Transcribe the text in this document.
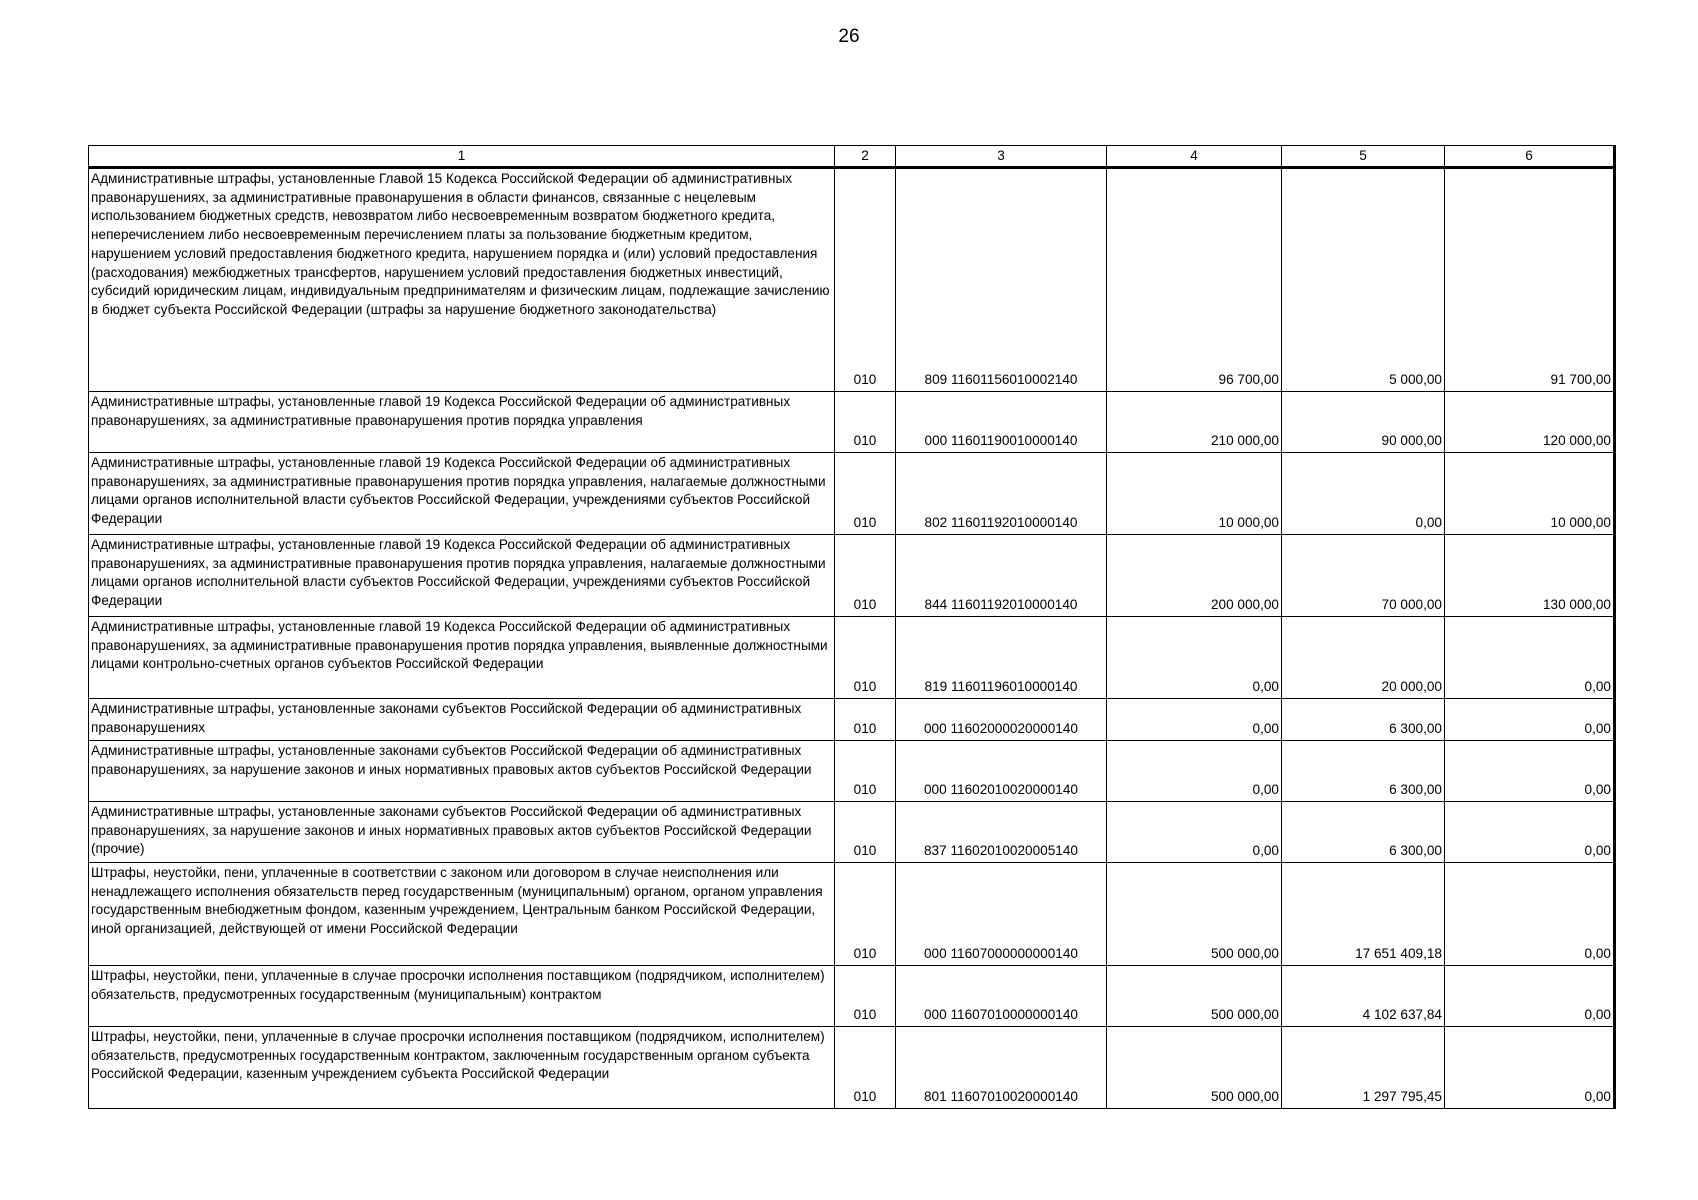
26
1	2	3	4	5	6
Административные штрафы, установленные Главой 15 Кодекса Российской Федерации об административных правонарушениях, за административные правонарушения в области финансов, связанные с нецелевым использованием бюджетных средств, невозвратом либо несвоевременным возвратом бюджетного кредита, неперечислением либо несвоевременным перечислением платы за пользование бюджетным кредитом, нарушением условий предоставления бюджетного кредита, нарушением порядка и (или) условий предоставления (расходования) межбюджетных трансфертов, нарушением условий предоставления бюджетных инвестиций, субсидий юридическим лицам, индивидуальным предпринимателям и физическим лицам, подлежащие зачислению в бюджет субъекта Российской Федерации (штрафы за нарушение бюджетного законодательства)	010	809 11601156010002140	96 700,00	5 000,00	91 700,00
Административные штрафы, установленные главой 19 Кодекса Российской Федерации об административных правонарушениях, за административные правонарушения против порядка управления	010	000 11601190010000140	210 000,00	90 000,00	120 000,00
Административные штрафы, установленные главой 19 Кодекса Российской Федерации об административных правонарушениях, за административные правонарушения против порядка управления, налагаемые должностными лицами органов исполнительной власти субъектов Российской Федерации, учреждениями субъектов Российской Федерации	010	802 11601192010000140	10 000,00	0,00	10 000,00
Административные штрафы, установленные главой 19 Кодекса Российской Федерации об административных правонарушениях, за административные правонарушения против порядка управления, налагаемые должностными лицами органов исполнительной власти субъектов Российской Федерации, учреждениями субъектов Российской Федерации	010	844 11601192010000140	200 000,00	70 000,00	130 000,00
Административные штрафы, установленные главой 19 Кодекса Российской Федерации об административных правонарушениях, за административные правонарушения против порядка управления, выявленные должностными лицами контрольно-счетных органов субъектов Российской Федерации	010	819 11601196010000140	0,00	20 000,00	0,00
Административные штрафы, установленные законами субъектов Российской Федерации об административных правонарушениях	010	000 11602000020000140	0,00	6 300,00	0,00
Административные штрафы, установленные законами субъектов Российской Федерации об административных правонарушениях, за нарушение законов и иных нормативных правовых актов субъектов Российской Федерации	010	000 11602010020000140	0,00	6 300,00	0,00
Административные штрафы, установленные законами субъектов Российской Федерации об административных правонарушениях, за нарушение законов и иных нормативных правовых актов субъектов Российской Федерации (прочие)	010	837 11602010020005140	0,00	6 300,00	0,00
Штрафы, неустойки, пени, уплаченные в соответствии с законом или договором в случае неисполнения или ненадлежащего исполнения обязательств перед государственным (муниципальным) органом, органом управления государственным внебюджетным фондом, казенным учреждением, Центральным банком Российской Федерации, иной организацией, действующей от имени Российской Федерации	010	000 11607000000000140	500 000,00	17 651 409,18	0,00
Штрафы, неустойки, пени, уплаченные в случае просрочки исполнения поставщиком (подрядчиком, исполнителем) обязательств, предусмотренных государственным (муниципальным) контрактом	010	000 11607010000000140	500 000,00	4 102 637,84	0,00
Штрафы, неустойки, пени, уплаченные в случае просрочки исполнения поставщиком (подрядчиком, исполнителем) обязательств, предусмотренных государственным контрактом, заключенным государственным органом субъекта Российской Федерации, казенным учреждением субъекта Российской Федерации	010	801 11607010020000140	500 000,00	1 297 795,45	0,00
